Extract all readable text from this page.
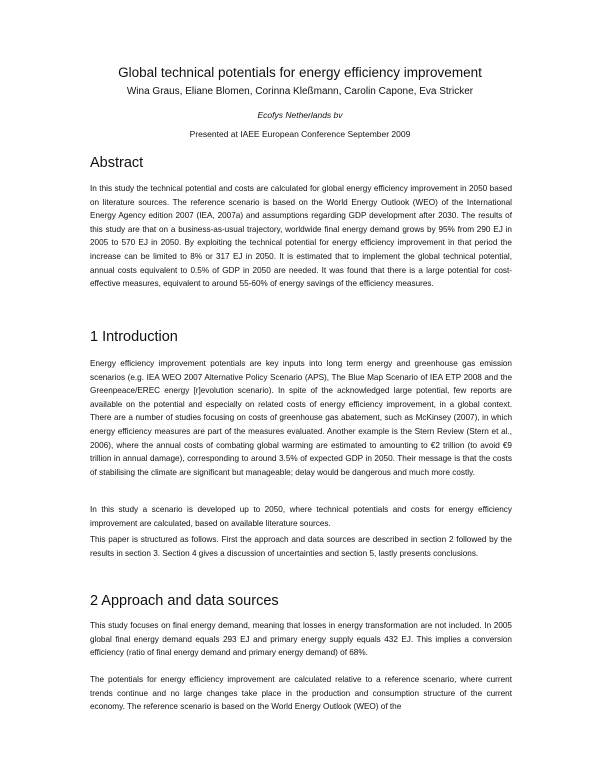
Global technical potentials for energy efficiency improvement

Wina Graus, Eliane Blomen, Corinna Kleßmann, Carolin Capone, Eva Stricker

Ecofys Netherlands bv

Presented at IAEE European Conference September 2009

Abstract

In this study the technical potential and costs are calculated for global energy efficiency improvement in 2050 based on literature sources. The reference scenario is based on the World Energy Outlook (WEO) of the International Energy Agency edition 2007 (IEA, 2007a) and assumptions regarding GDP development after 2030. The results of this study are that on a business-as-usual trajectory, worldwide final energy demand grows by 95% from 290 EJ in 2005 to 570 EJ in 2050. By exploiting the technical potential for energy efficiency improvement in that period the increase can be limited to 8% or 317 EJ in 2050. It is estimated that to implement the global technical potential, annual costs equivalent to 0.5% of GDP in 2050 are needed. It was found that there is a large potential for cost-effective measures, equivalent to around 55-60% of energy savings of the efficiency measures.

1 Introduction

Energy efficiency improvement potentials are key inputs into long term energy and greenhouse gas emission scenarios (e.g. IEA WEO 2007 Alternative Policy Scenario (APS), The Blue Map Scenario of IEA ETP 2008 and the Greenpeace/EREC energy [r]evolution scenario). In spite of the acknowledged large potential, few reports are available on the potential and especially on related costs of energy efficiency improvement, in a global context. There are a number of studies focusing on costs of greenhouse gas abatement, such as McKinsey (2007), in which energy efficiency measures are part of the measures evaluated. Another example is the Stern Review (Stern et al., 2006), where the annual costs of combating global warming are estimated to amounting to €2 trillion (to avoid €9 trillion in annual damage), corresponding to around 3.5% of expected GDP in 2050. Their message is that the costs of stabilising the climate are significant but manageable; delay would be dangerous and much more costly.

In this study a scenario is developed up to 2050, where technical potentials and costs for energy efficiency improvement are calculated, based on available literature sources.

This paper is structured as follows. First the approach and data sources are described in section 2 followed by the results in section 3. Section 4 gives a discussion of uncertainties and section 5, lastly presents conclusions.

2 Approach and data sources

This study focuses on final energy demand, meaning that losses in energy transformation are not included. In 2005 global final energy demand equals 293 EJ and primary energy supply equals 432 EJ. This implies a conversion efficiency (ratio of final energy demand and primary energy demand) of 68%.

The potentials for energy efficiency improvement are calculated relative to a reference scenario, where current trends continue and no large changes take place in the production and consumption structure of the current economy. The reference scenario is based on the World Energy Outlook (WEO) of the
